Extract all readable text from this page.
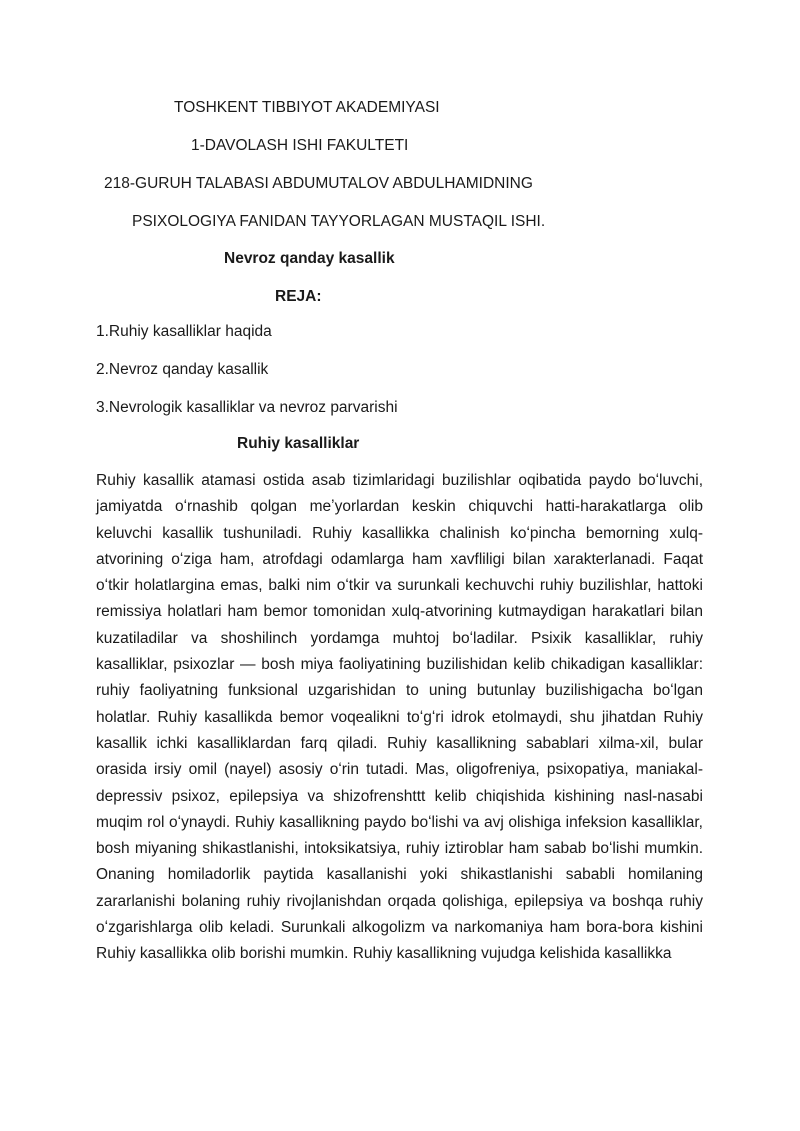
TOSHKENT TIBBIYOT AKADEMIYASI

1-DAVOLASH ISHI FAKULTETI

218-GURUH TALABASI ABDUMUTALOV ABDULHAMIDNING

PSIXOLOGIYA FANIDAN TAYYORLAGAN MUSTAQIL ISHI.

Nevroz qanday kasallik

REJA:

1.Ruhiy kasalliklar haqida

2.Nevroz qanday kasallik

3.Nevrologik kasalliklar va nevroz parvarishi

Ruhiy kasalliklar

Ruhiy kasallik atamasi ostida asab tizimlaridagi buzilishlar oqibatida paydo boʻluvchi, jamiyatda oʻrnashib qolgan meʼyorlardan keskin chiquvchi hatti-harakatlarga olib keluvchi kasallik tushuniladi. Ruhiy kasallikka chalinish koʻpincha bemorning xulq-atvorining oʻziga ham, atrofdagi odamlarga ham xavfliligi bilan xarakterlanadi. Faqat oʻtkir holatlargina emas, balki nim oʻtkir va surunkali kechuvchi ruhiy buzilishlar, hattoki remissiya holatlari ham bemor tomonidan xulq-atvorining kutmaydigan harakatlari bilan kuzatiladilar va shoshilinch yordamga muhtoj boʻladilar. Psixik kasalliklar, ruhiy kasalliklar, psixozlar — bosh miya faoliyatining buzilishidan kelib chikadigan kasalliklar: ruhiy faoliyatning funksional uzgarishidan to uning butunlay buzilishigacha boʻlgan holatlar. Ruhiy kasallikda bemor voqealikni toʻgʻri idrok etolmaydi, shu jihatdan Ruhiy kasallik ichki kasalliklardan farq qiladi. Ruhiy kasallikning sabablari xilma-xil, bular orasida irsiy omil (nayel) asosiy oʻrin tutadi. Mas, oligofreniya, psixopatiya, maniakal-depressiv psixoz, epilepsiya va shizofrenshttt kelib chiqishida kishining nasl-nasabi muqim rol oʻynaydi. Ruhiy kasallikning paydo boʻlishi va avj olishiga infeksion kasalliklar, bosh miyaning shikastlanishi, intoksikatsiya, ruhiy iztiroblar ham sabab boʻlishi mumkin. Onaning homiladorlik paytida kasallanishi yoki shikastlanishi sababli homilaning zararlanishi bolaning ruhiy rivojlanishdan orqada qolishiga, epilepsiya va boshqa ruhiy oʻzgarishlarga olib keladi. Surunkali alkogolizm va narkomaniya ham bora-bora kishini Ruhiy kasallikka olib borishi mumkin. Ruhiy kasallikning vujudga kelishida kasallikka
